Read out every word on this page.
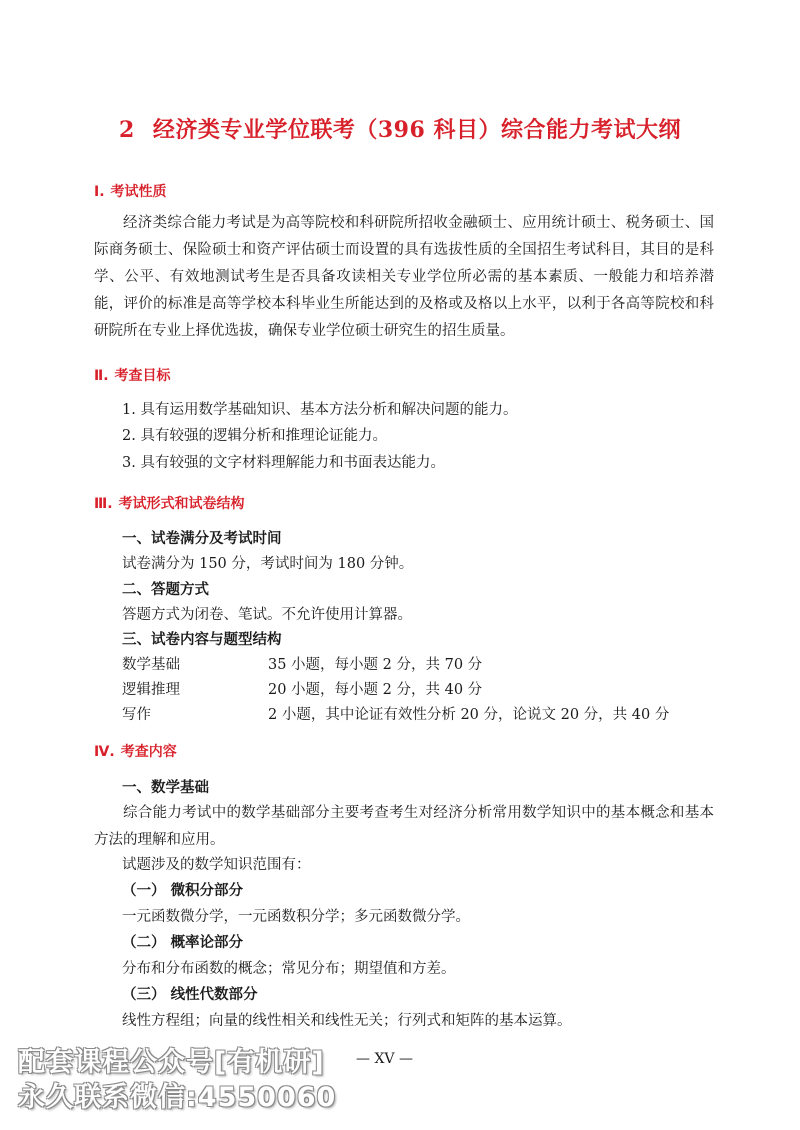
2 经济类专业学位联考（396 科目）综合能力考试大纲
Ⅰ. 考试性质

经济类综合能力考试是为高等院校和科研院所招收金融硕士、应用统计硕士、税务硕士、国际商务硕士、保险硕士和资产评估硕士而设置的具有选拔性质的全国招生考试科目，其目的是科学、公平、有效地测试考生是否具备攻读相关专业学位所必需的基本素质、一般能力和培养潜能，评价的标准是高等学校本科毕业生所能达到的及格或及格以上水平，以利于各高等院校和科研院所在专业上择优选拔，确保专业学位硕士研究生的招生质量。

Ⅱ. 考查目标
1. 具有运用数学基础知识、基本方法分析和解决问题的能力。
2. 具有较强的逻辑分析和推理论证能力。
3. 具有较强的文字材料理解能力和书面表达能力。
Ⅲ. 考试形式和试卷结构
一、试卷满分及考试时间
试卷满分为 150 分，考试时间为 180 分钟。
二、答题方式
答题方式为闭卷、笔试。不允许使用计算器。
三、试卷内容与题型结构
数学基础	35 小题，每小题 2 分，共 70 分
逻辑推理	20 小题，每小题 2 分，共 40 分
写作	2 小题，其中论证有效性分析 20 分，论说文 20 分，共 40 分
Ⅳ. 考查内容
一、数学基础

综合能力考试中的数学基础部分主要考查考生对经济分析常用数学知识中的基本概念和基本方法的理解和应用。

试题涉及的数学知识范围有：
（一） 微积分部分
一元函数微分学，一元函数积分学；多元函数微分学。
（二） 概率论部分
分布和分布函数的概念；常见分布；期望值和方差。
（三） 线性代数部分
线性方程组；向量的线性相关和线性无关；行列式和矩阵的基本运算。
— XV —
配套课程公众号[有机研]
永久联系微信:4550060
